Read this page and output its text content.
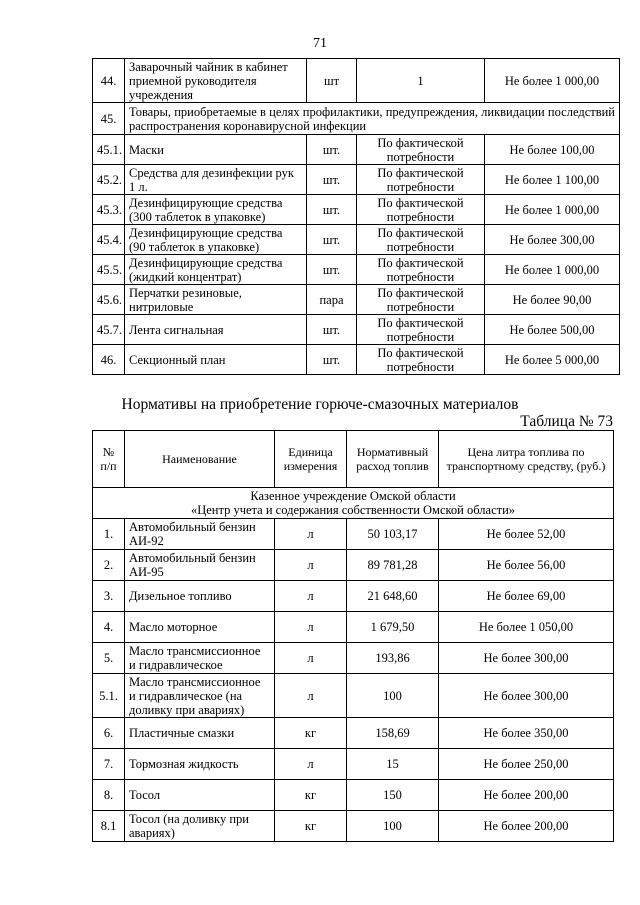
71
44.	Заварочный чайник в кабинет приемной руководителя учреждения	шт	1	Не более 1 000,00
45.	Товары, приобретаемые в целях профилактики, предупреждения, ликвидации последствий распространения коронавирусной инфекции			
45.1.	Маски	шт.	По фактической потребности	Не более 100,00
45.2.	Средства для дезинфекции рук 1 л.	шт.	По фактической потребности	Не более 1 100,00
45.3.	Дезинфицирующие средства (300 таблеток в упаковке)	шт.	По фактической потребности	Не более 1 000,00
45.4.	Дезинфицирующие средства (90 таблеток в упаковке)	шт.	По фактической потребности	Не более 300,00
45.5.	Дезинфицирующие средства (жидкий концентрат)	шт.	По фактической потребности	Не более 1 000,00
45.6.	Перчатки резиновые, нитриловые	пара	По фактической потребности	Не более 90,00
45.7.	Лента сигнальная	шт.	По фактической потребности	Не более 500,00
46.	Секционный план	шт.	По фактической потребности	Не более 5 000,00
Нормативы на приобретение горюче-смазочных материалов
Таблица № 73
№ п/п	Наименование	Единица измерения	Нормативный расход топлив	Цена литра топлива по транспортному средству, (руб.)

Казенное учреждение Омской области
«Центр учета и содержания собственности Омской области»				

1.	Автомобильный бензин АИ-92	л	50 103,17	Не более 52,00
2.	Автомобильный бензин АИ-95	л	89 781,28	Не более 56,00
3.	Дизельное топливо	л	21 648,60	Не более 69,00
4.	Масло моторное	л	1 679,50	Не более 1 050,00
5.	Масло трансмиссионное и гидравлическое	л	193,86	Не более 300,00
5.1.	Масло трансмиссионное и гидравлическое (на доливку при авариях)	л	100	Не более 300,00
6.	Пластичные смазки	кг	158,69	Не более 350,00
7.	Тормозная жидкость	л	15	Не более 250,00
8.	Тосол	кг	150	Не более 200,00
8.1	Тосол (на доливку при авариях)	кг	100	Не более 200,00
